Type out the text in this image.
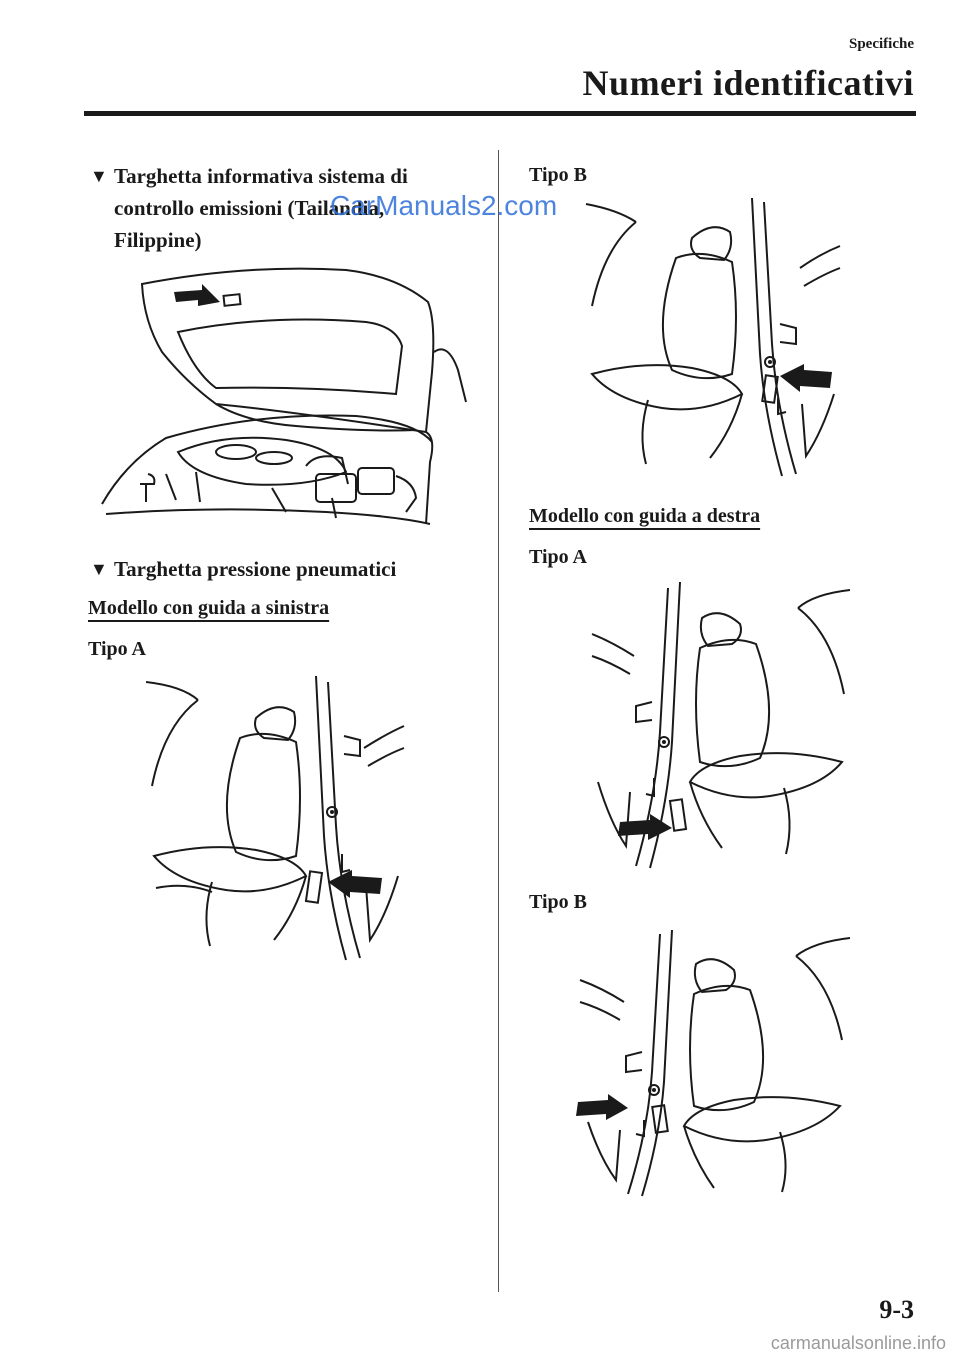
Specifiche
Numeri identificativi
▼ Targhetta informativa sistema di
controllo emissioni (Tailandia,
Filippine)
CarManuals2.com
▼ Targhetta pressione pneumatici
Modello con guida a sinistra
Tipo A
Tipo B
Modello con guida a destra
Tipo A
Tipo B
9-3
carmanualsonline.info
